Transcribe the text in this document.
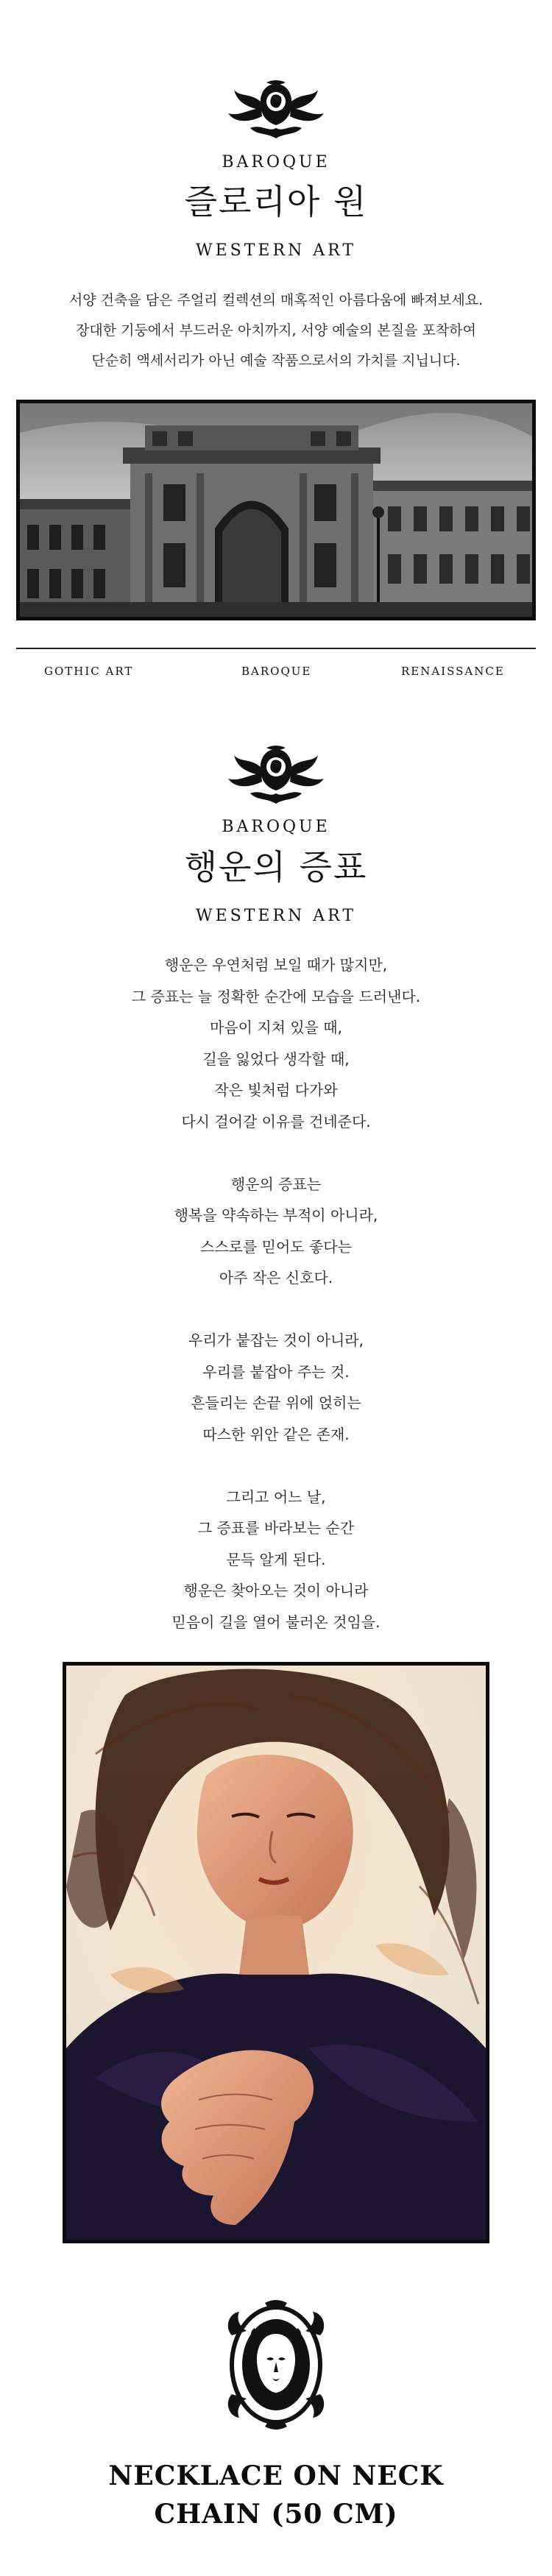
BAROQUE
즐로리아 원
WESTERN ART
서양 건축을 담은 주얼리 컬렉션의 매혹적인 아름다움에 빠져보세요.
장대한 기둥에서 부드러운 아치까지, 서양 예술의 본질을 포착하여
단순히 액세서리가 아닌 예술 작품으로서의 가치를 지닙니다.
GOTHIC ART	BAROQUE	RENAISSANCE
BAROQUE
행운의 증표
WESTERN ART
행운은 우연처럼 보일 때가 많지만,
그 증표는 늘 정확한 순간에 모습을 드러낸다.
마음이 지쳐 있을 때,
길을 잃었다 생각할 때,
작은 빛처럼 다가와
다시 걸어갈 이유를 건네준다.
행운의 증표는
행복을 약속하는 부적이 아니라,
스스로를 믿어도 좋다는
아주 작은 신호다.
우리가 붙잡는 것이 아니라,
우리를 붙잡아 주는 것.
흔들리는 손끝 위에 얹히는
따스한 위안 같은 존재.
그리고 어느 날,
그 증표를 바라보는 순간
문득 알게 된다.
행운은 찾아오는 것이 아니라
믿음이 길을 열어 불러온 것임을.
NECKLACE ON NECK
CHAIN (50 CM)
